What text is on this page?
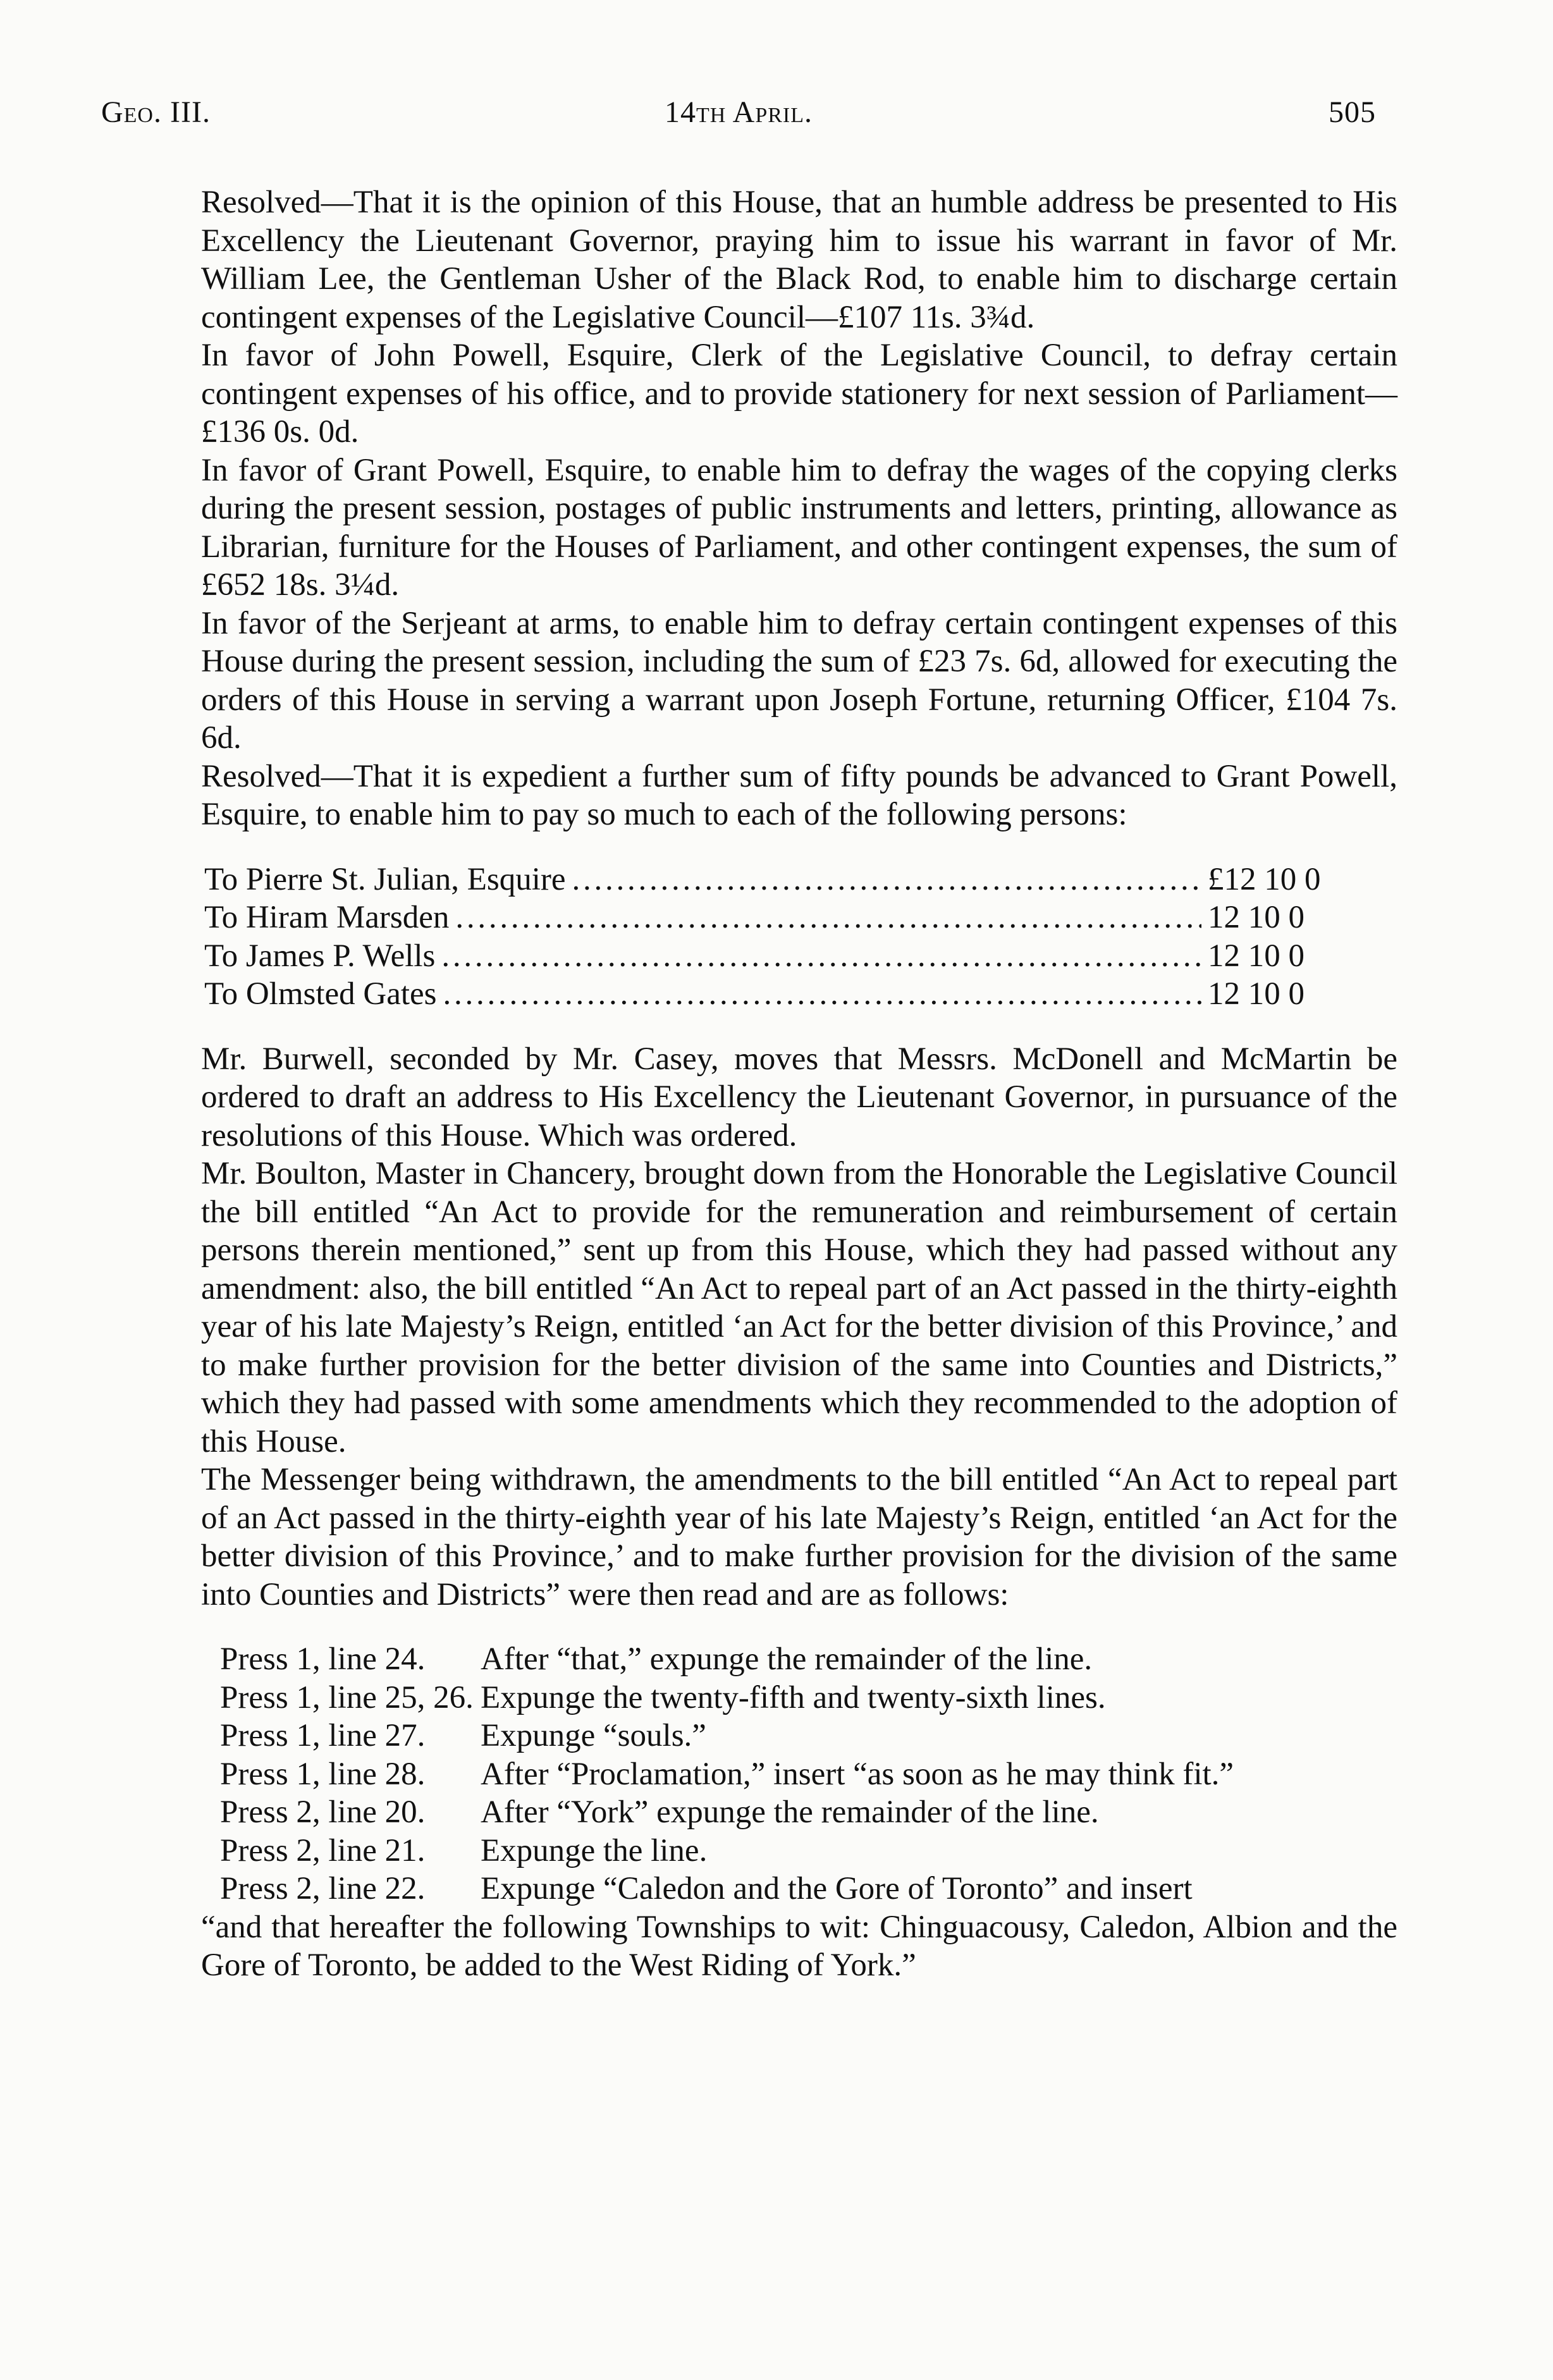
Geo. III.	14th April.	505

Resolved—That it is the opinion of this House, that an humble address be presented to His Excellency the Lieutenant Governor, praying him to issue his warrant in favor of Mr. William Lee, the Gentleman Usher of the Black Rod, to enable him to discharge certain contingent expenses of the Legislative Council—£107 11s. 3¾d.

In favor of John Powell, Esquire, Clerk of the Legislative Council, to defray certain contingent expenses of his office, and to provide stationery for next session of Parliament—£136 0s. 0d.

In favor of Grant Powell, Esquire, to enable him to defray the wages of the copying clerks during the present session, postages of public instruments and letters, printing, allowance as Librarian, furniture for the Houses of Parliament, and other contingent expenses, the sum of £652 18s. 3¼d.

In favor of the Serjeant at arms, to enable him to defray certain contingent expenses of this House during the present session, including the sum of £23 7s. 6d, allowed for executing the orders of this House in serving a warrant upon Joseph Fortune, returning Officer, £104 7s. 6d.

Resolved—That it is expedient a further sum of fifty pounds be advanced to Grant Powell, Esquire, to enable him to pay so much to each of the following persons:

To Pierre St. Julian, Esquire . . .	£12 10 0
To Hiram Marsden . . .	12 10 0
To James P. Wells . . .	12 10 0
To Olmsted Gates . . .	12 10 0

Mr. Burwell, seconded by Mr. Casey, moves that Messrs. McDonell and McMartin be ordered to draft an address to His Excellency the Lieutenant Governor, in pursuance of the resolutions of this House. Which was ordered.

Mr. Boulton, Master in Chancery, brought down from the Honorable the Legislative Council the bill entitled “An Act to provide for the remuneration and reimbursement of certain persons therein mentioned,” sent up from this House, which they had passed without any amendment: also, the bill entitled “An Act to repeal part of an Act passed in the thirty-eighth year of his late Majesty’s Reign, entitled ‘an Act for the better division of this Province,’ and to make further provision for the better division of the same into Counties and Districts,” which they had passed with some amendments which they recommended to the adoption of this House.

The Messenger being withdrawn, the amendments to the bill entitled “An Act to repeal part of an Act passed in the thirty-eighth year of his late Majesty’s Reign, entitled ‘an Act for the better division of this Province,’ and to make further provision for the division of the same into Counties and Districts” were then read and are as follows:

Press 1, line 24.	After “that,” expunge the remainder of the line.
Press 1, line 25, 26. Expunge the twenty-fifth and twenty-sixth lines.
Press 1, line 27.	Expunge “souls.”
Press 1, line 28.	After “Proclamation,” insert “as soon as he may think fit.”
Press 2, line 20.	After “York” expunge the remainder of the line.
Press 2, line 21.	Expunge the line.
Press 2, line 22.	Expunge “Caledon and the Gore of Toronto” and insert

“and that hereafter the following Townships to wit: Chinguacousy, Caledon, Albion and the Gore of Toronto, be added to the West Riding of York.”
